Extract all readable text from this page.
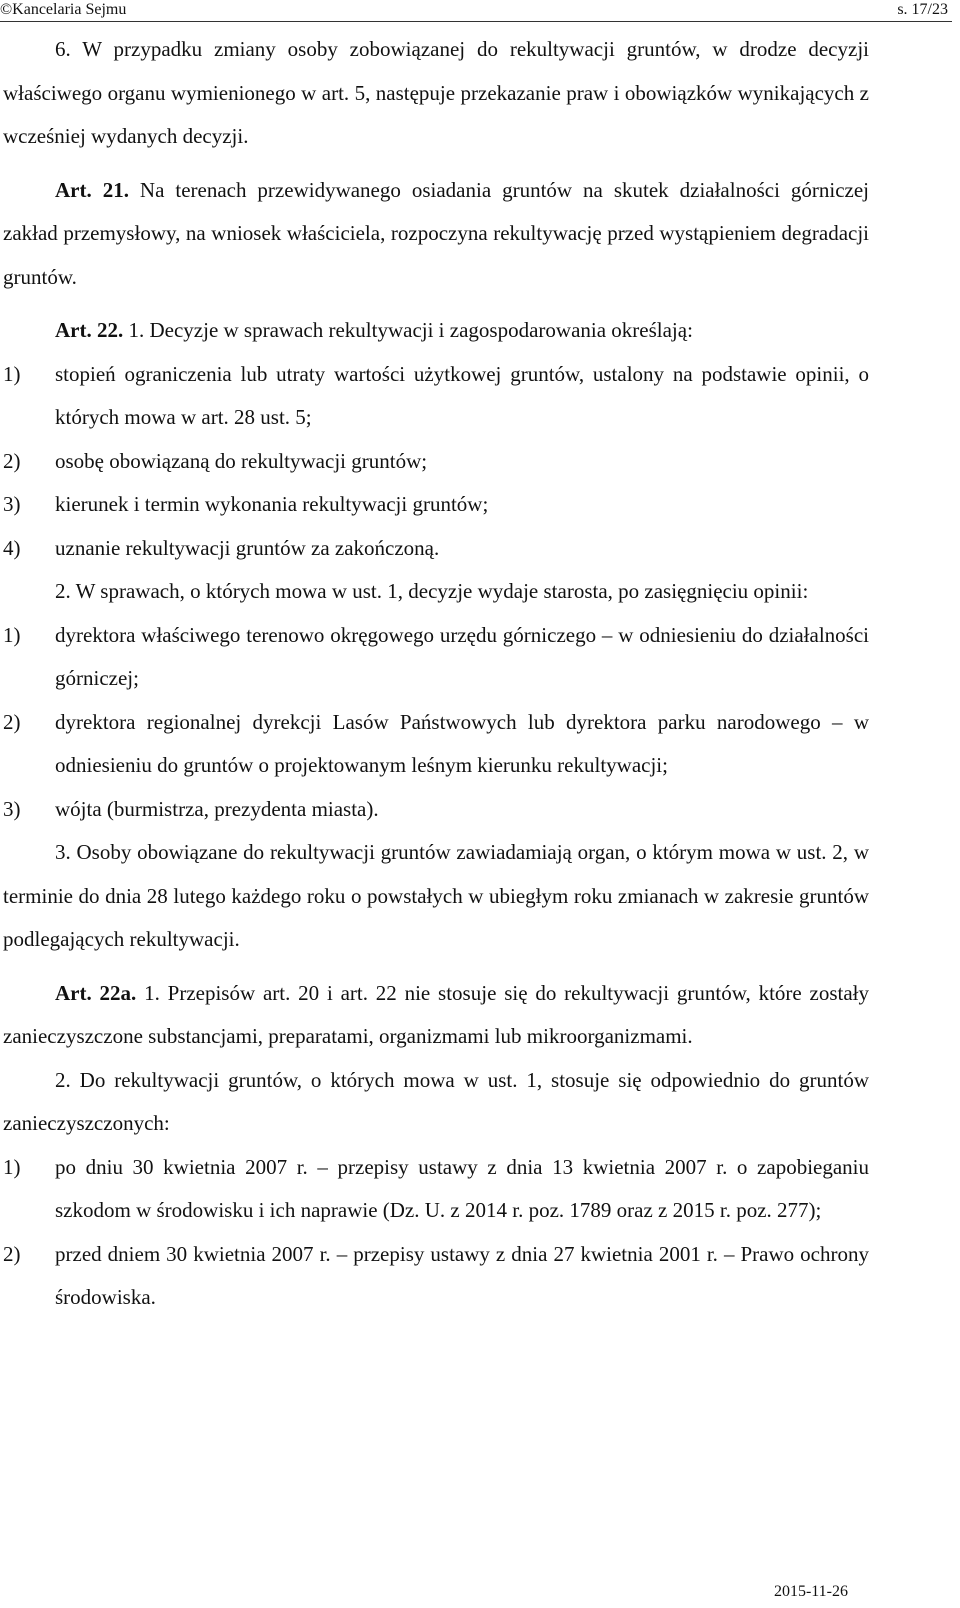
©Kancelaria Sejmu	s. 17/23

6. W przypadku zmiany osoby zobowiązanej do rekultywacji gruntów, w drodze decyzji właściwego organu wymienionego w art. 5, następuje przekazanie praw i obowiązków wynikających z wcześniej wydanych decyzji.

Art. 21. Na terenach przewidywanego osiadania gruntów na skutek działalności górniczej zakład przemysłowy, na wniosek właściciela, rozpoczyna rekultywację przed wystąpieniem degradacji gruntów.

Art. 22. 1. Decyzje w sprawach rekultywacji i zagospodarowania określają:

1)	stopień ograniczenia lub utraty wartości użytkowej gruntów, ustalony na podstawie opinii, o których mowa w art. 28 ust. 5;
2)	osobę obowiązaną do rekultywacji gruntów;
3)	kierunek i termin wykonania rekultywacji gruntów;
4)	uznanie rekultywacji gruntów za zakończoną.

2. W sprawach, o których mowa w ust. 1, decyzje wydaje starosta, po zasięgnięciu opinii:

1)	dyrektora właściwego terenowo okręgowego urzędu górniczego – w odniesieniu do działalności górniczej;
2)	dyrektora regionalnej dyrekcji Lasów Państwowych lub dyrektora parku narodowego – w odniesieniu do gruntów o projektowanym leśnym kierunku rekultywacji;
3)	wójta (burmistrza, prezydenta miasta).

3. Osoby obowiązane do rekultywacji gruntów zawiadamiają organ, o którym mowa w ust. 2, w terminie do dnia 28 lutego każdego roku o powstałych w ubiegłym roku zmianach w zakresie gruntów podlegających rekultywacji.

Art. 22a. 1. Przepisów art. 20 i art. 22 nie stosuje się do rekultywacji gruntów, które zostały zanieczyszczone substancjami, preparatami, organizmami lub mikroorganizmami.

2. Do rekultywacji gruntów, o których mowa w ust. 1, stosuje się odpowiednio do gruntów zanieczyszczonych:

1)	po dniu 30 kwietnia 2007 r. – przepisy ustawy z dnia 13 kwietnia 2007 r. o zapobieganiu szkodom w środowisku i ich naprawie (Dz. U. z 2014 r. poz. 1789 oraz z 2015 r. poz. 277);
2)	przed dniem 30 kwietnia 2007 r. – przepisy ustawy z dnia 27 kwietnia 2001 r. – Prawo ochrony środowiska.
2015-11-26
